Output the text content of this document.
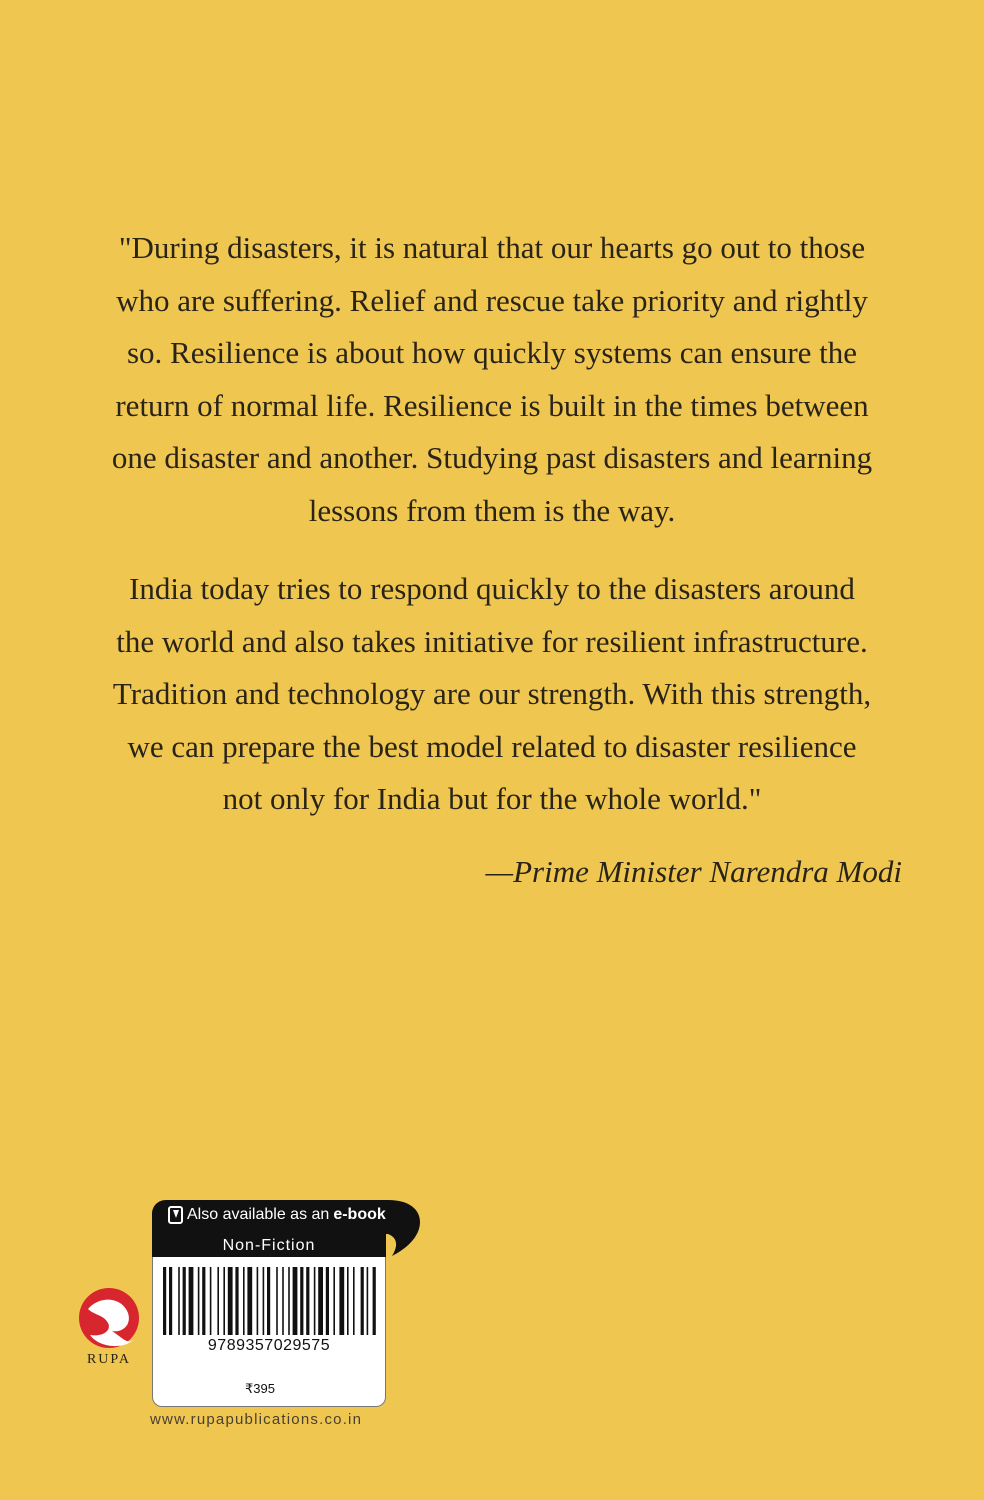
"During disasters, it is natural that our hearts go out to those
who are suffering. Relief and rescue take priority and rightly
so. Resilience is about how quickly systems can ensure the
return of normal life. Resilience is built in the times between
one disaster and another. Studying past disasters and learning
lessons from them is the way.

India today tries to respond quickly to the disasters around
the world and also takes initiative for resilient infrastructure.
Tradition and technology are our strength. With this strength,
we can prepare the best model related to disaster resilience
not only for India but for the whole world."

—Prime Minister Narendra Modi
Also available as an e-book
Non-Fiction
9789357029575
₹395
RUPA
www.rupapublications.co.in
